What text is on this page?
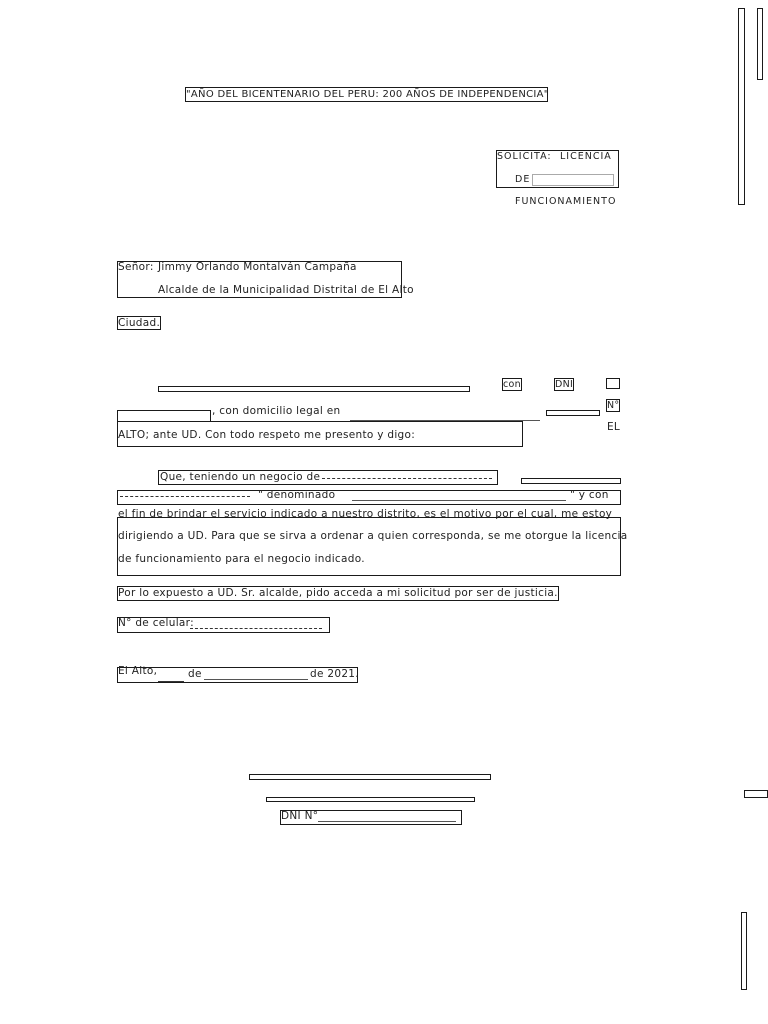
"AÑO DEL BICENTENARIO DEL PERU: 200 AÑOS DE INDEPENDENCIA"
SOLICITA: LICENCIA
DE
FUNCIONAMIENTO
Señor: Jimmy Orlando Montalván Campaña
Alcalde de la Municipalidad Distrital de El Alto
Ciudad.
con	DNI
N°
, con domicilio legal en
EL
ALTO; ante UD. Con todo respeto me presento y digo:
Que, teniendo un negocio de
" denominado	" y con
el fin de brindar el servicio indicado a nuestro distrito, es el motivo por el cual, me estoy
dirigiendo a UD. Para que se sirva a ordenar a quien corresponda, se me otorgue la licencia
de funcionamiento para el negocio indicado.
Por lo expuesto a UD. Sr. alcalde, pido acceda a mi solicitud por ser de justicia.
N° de celular:
El Alto,	de	de 2021.
DNI N°
